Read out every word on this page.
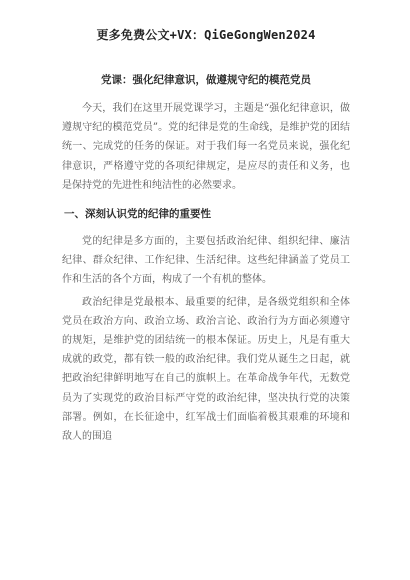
更多免费公文+VX：QiGeGongWen2024
党课：强化纪律意识，做遵规守纪的模范党员

今天，我们在这里开展党课学习，主题是“强化纪律意识，做遵规守纪的模范党员”。党的纪律是党的生命线，是维护党的团结统一、完成党的任务的保证。对于我们每一名党员来说，强化纪律意识，严格遵守党的各项纪律规定，是应尽的责任和义务，也是保持党的先进性和纯洁性的必然要求。

一、深刻认识党的纪律的重要性

党的纪律是多方面的，主要包括政治纪律、组织纪律、廉洁纪律、群众纪律、工作纪律、生活纪律。这些纪律涵盖了党员工作和生活的各个方面，构成了一个有机的整体。

政治纪律是党最根本、最重要的纪律，是各级党组织和全体党员在政治方向、政治立场、政治言论、政治行为方面必须遵守的规矩，是维护党的团结统一的根本保证。历史上，凡是有重大成就的政党，都有铁一般的政治纪律。我们党从诞生之日起，就把政治纪律鲜明地写在自己的旗帜上。在革命战争年代，无数党员为了实现党的政治目标严守党的政治纪律，坚决执行党的决策部署。例如，在长征途中，红军战士们面临着极其艰难的环境和敌人的围追
